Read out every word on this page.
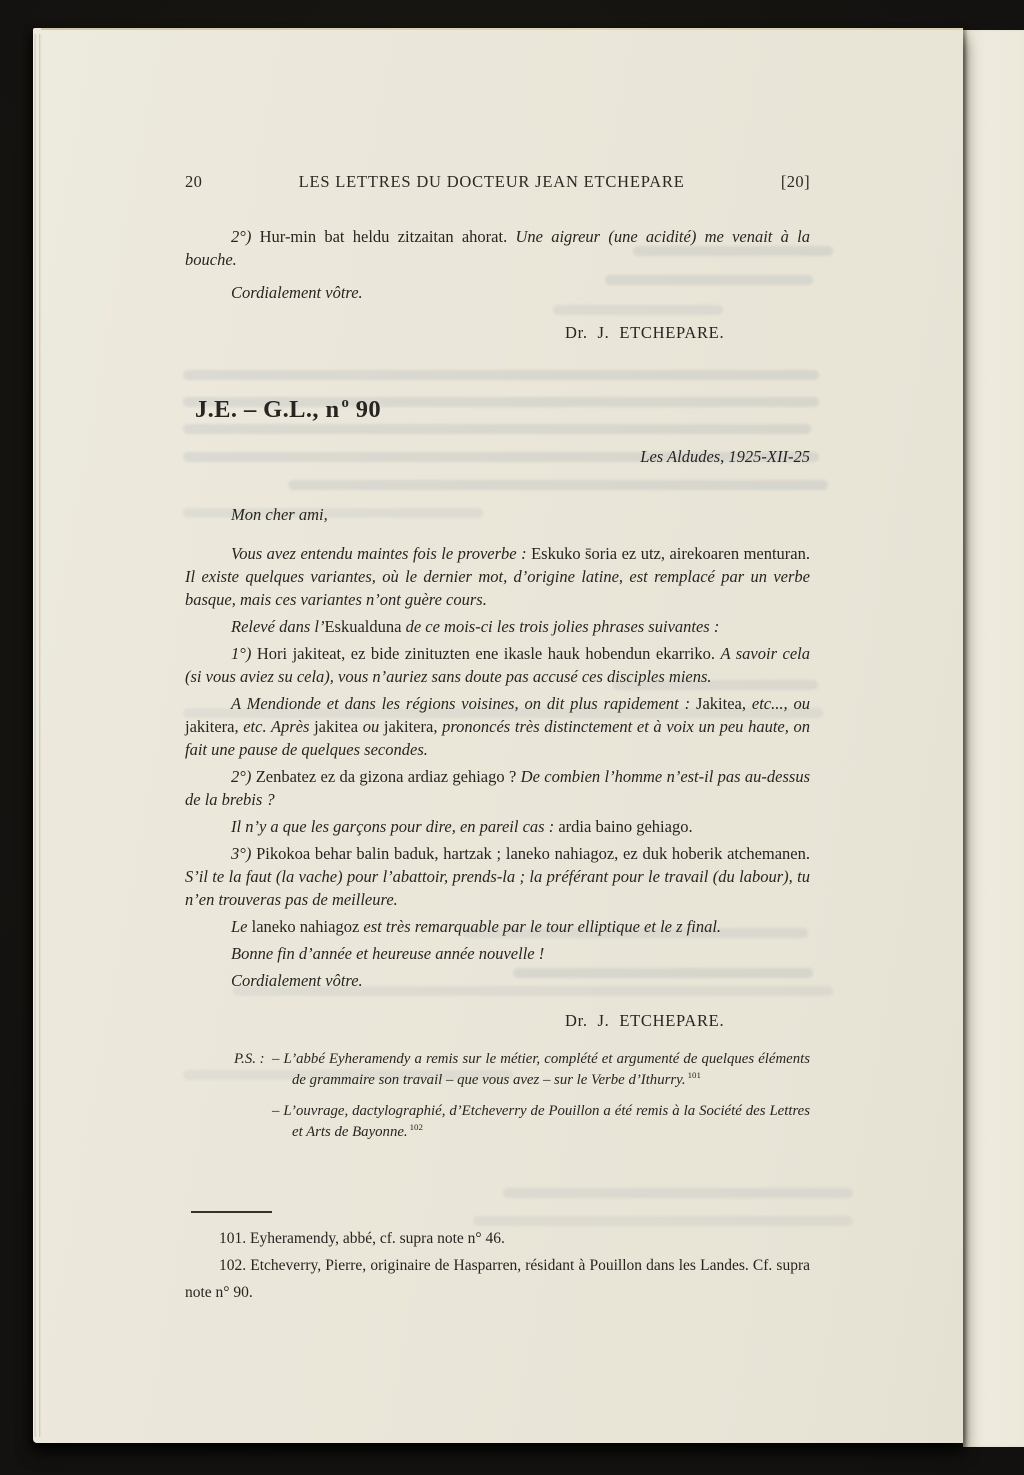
20	LES LETTRES DU DOCTEUR JEAN ETCHEPARE	[20]

2°) Hur-min bat heldu zitzaitan ahorat. Une aigreur (une acidité) me venait à la bouche.

Cordialement vôtre.

Dr. J. ETCHEPARE.

J.E. – G.L., n $^o$ 90

Les Aldudes, 1925-XII-25

Mon cher ami,

Vous avez entendu maintes fois le proverbe : Eskuko s̄oria ez utz, airekoaren menturan. Il existe quelques variantes, où le dernier mot, d’origine latine, est remplacé par un verbe basque, mais ces variantes n’ont guère cours.

Relevé dans l’Eskualduna de ce mois-ci les trois jolies phrases suivantes :

1°) Hori jakiteat, ez bide zinituzten ene ikasle hauk hobendun ekarriko. A savoir cela (si vous aviez su cela), vous n’auriez sans doute pas accusé ces disciples miens.

A Mendionde et dans les régions voisines, on dit plus rapidement : Jakitea, etc..., ou jakitera, etc. Après jakitea ou jakitera, prononcés très distinctement et à voix un peu haute, on fait une pause de quelques secondes.

2°) Zenbatez ez da gizona ardiaz gehiago ? De combien l’homme n’est-il pas au-dessus de la brebis ?

Il n’y a que les garçons pour dire, en pareil cas : ardia baino gehiago.

3°) Pikokoa behar balin baduk, hartzak ; laneko nahiagoz, ez duk hoberik atchemanen. S’il te la faut (la vache) pour l’abattoir, prends-la ; la préférant pour le travail (du labour), tu n’en trouveras pas de meilleure.

Le laneko nahiagoz est très remarquable par le tour elliptique et le z final.

Bonne fin d’année et heureuse année nouvelle !

Cordialement vôtre.

Dr. J. ETCHEPARE.

P.S. : – L’abbé Eyheramendy a remis sur le métier, complété et argumenté de quelques éléments de grammaire son travail – que vous avez – sur le Verbe d’Ithurry. $^{101}$

– L’ouvrage, dactylographié, d’Etcheverry de Pouillon a été remis à la Société des Lettres et Arts de Bayonne. $^{102}$

101. Eyheramendy, abbé, cf. supra note n° 46.

102. Etcheverry, Pierre, originaire de Hasparren, résidant à Pouillon dans les Landes. Cf. supra note n° 90.
